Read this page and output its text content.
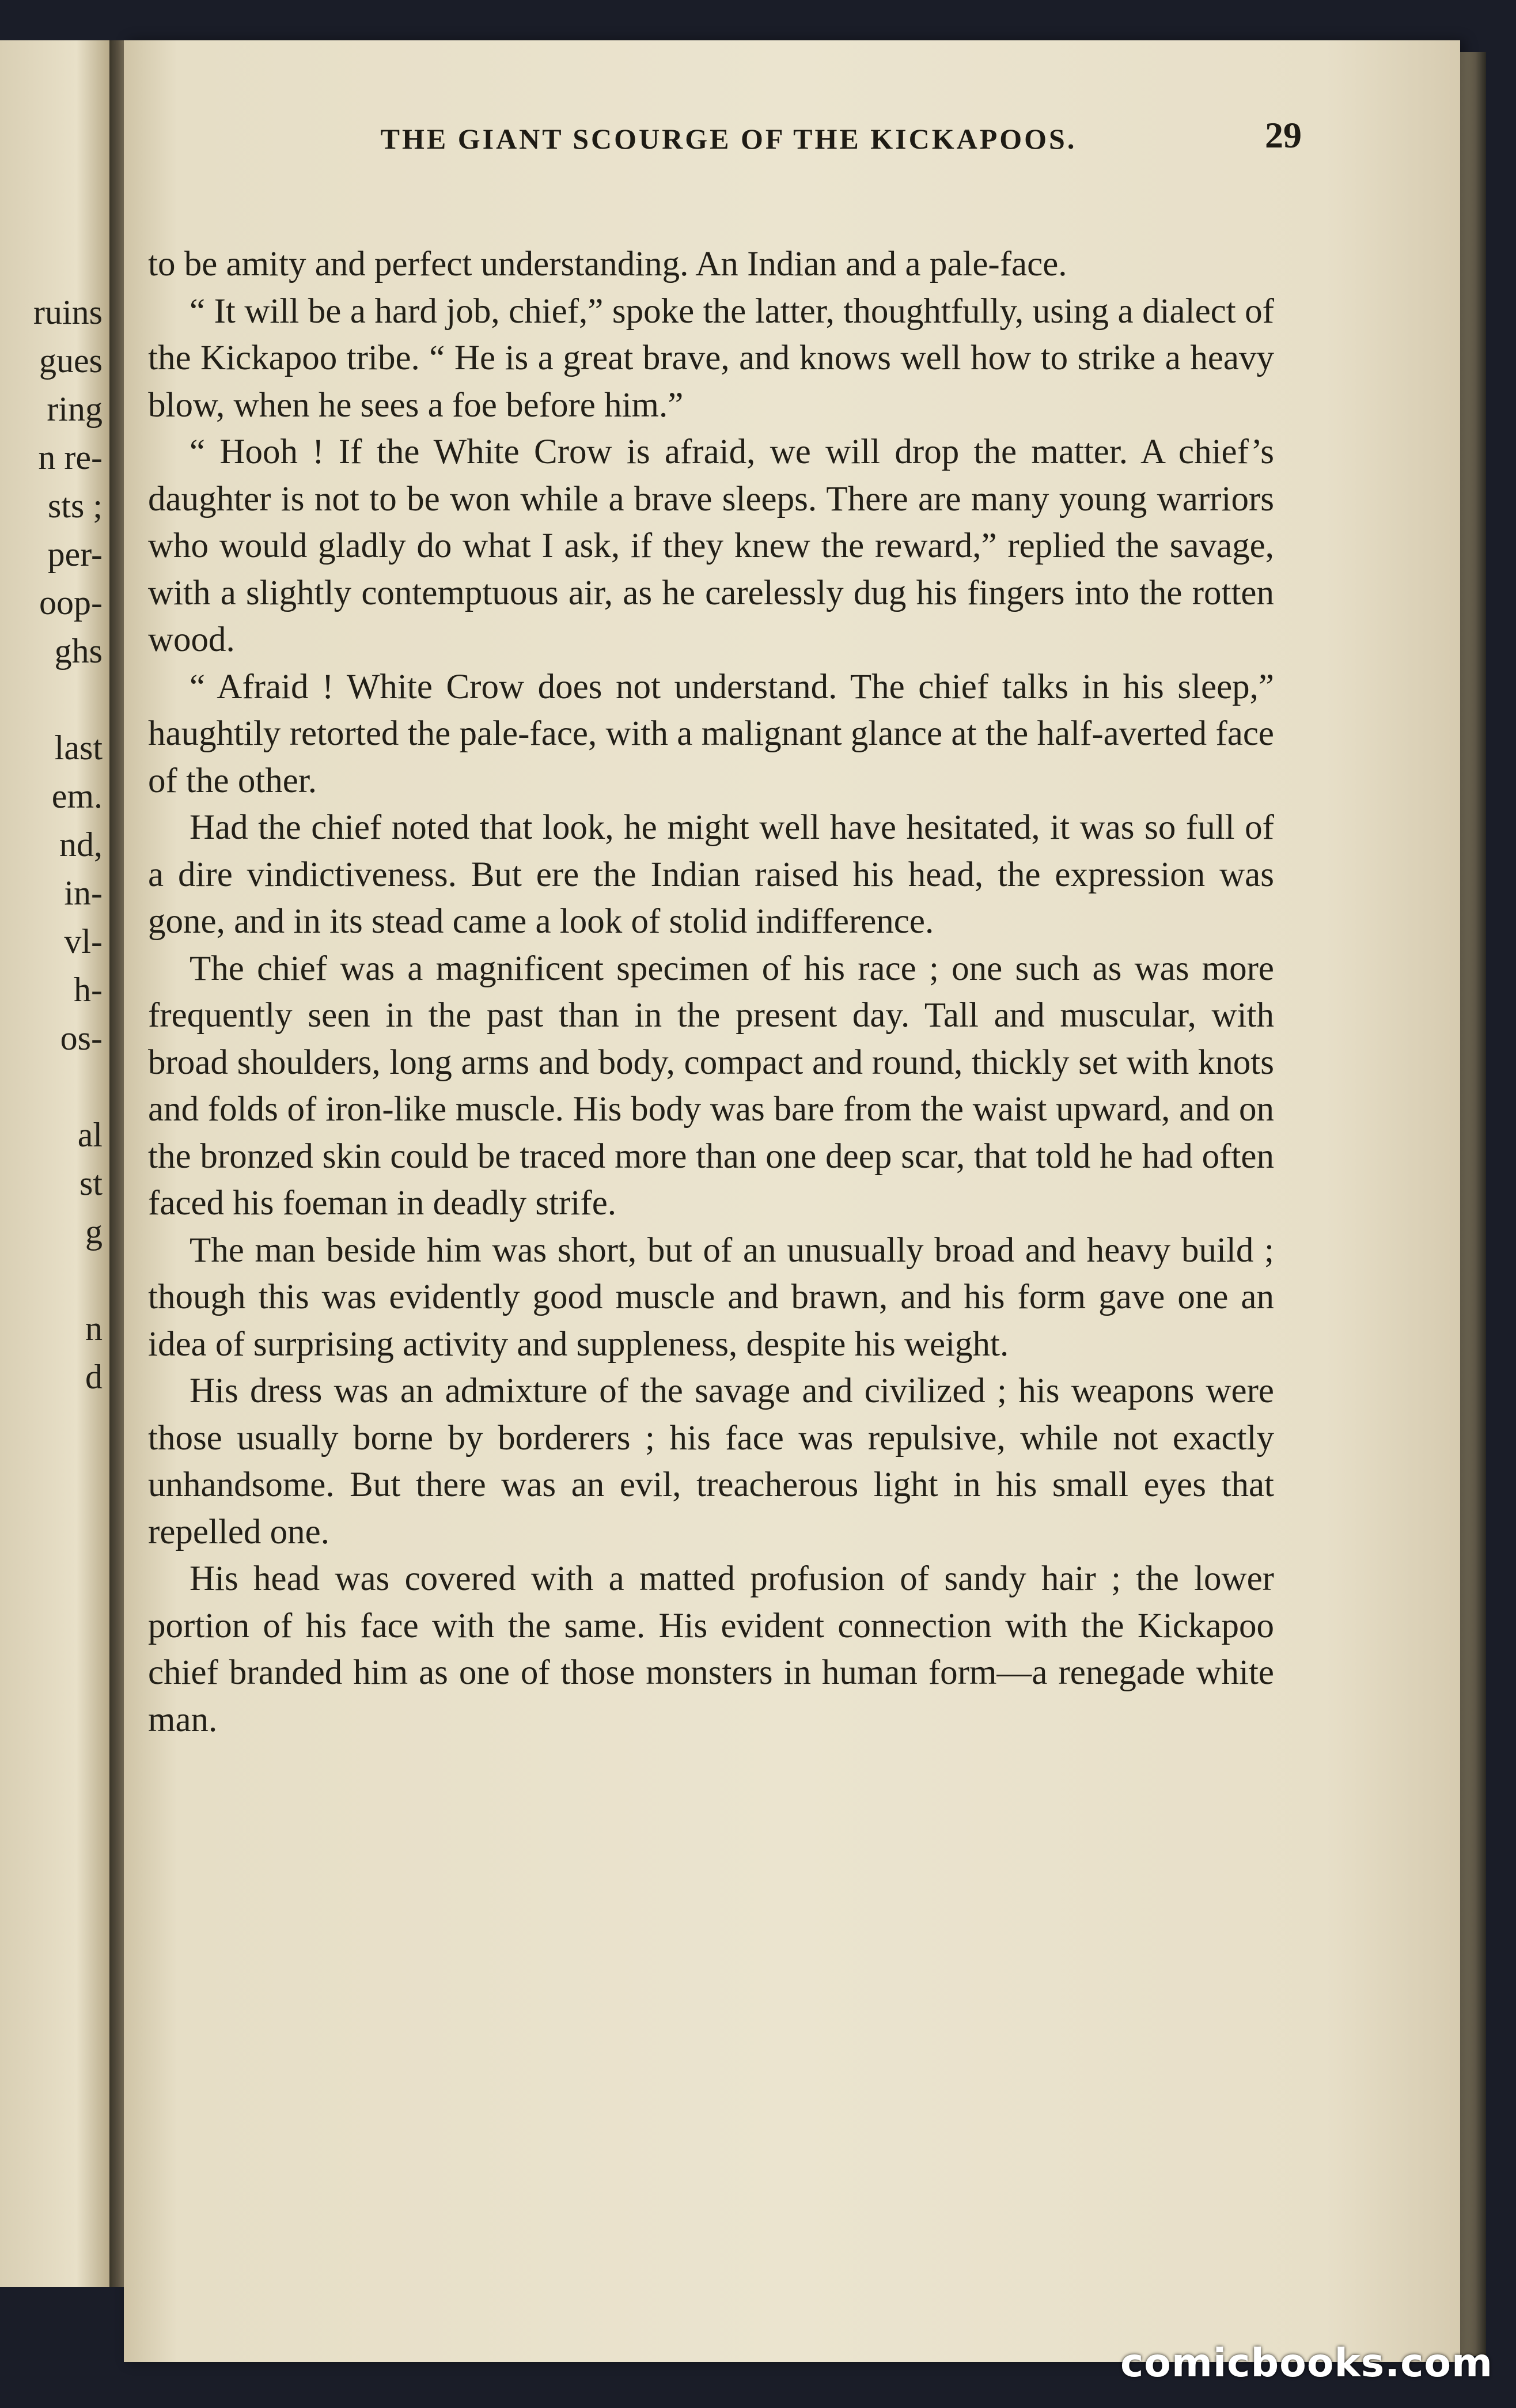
ruins
gues
ring
n re-
sts ;
per-
oop-
ghs
last
em.
nd,
in-
vl-
h-
os-
al
st
g
n
d
THE GIANT SCOURGE OF THE KICKAPOOS.	29

to be amity and perfect understanding. An Indian and a pale-face.

“ It will be a hard job, chief,” spoke the latter, thoughtfully, using a dialect of the Kickapoo tribe. “ He is a great brave, and knows well how to strike a heavy blow, when he sees a foe before him.”

“ Hooh ! If the White Crow is afraid, we will drop the matter. A chief’s daughter is not to be won while a brave sleeps. There are many young warriors who would gladly do what I ask, if they knew the reward,” replied the savage, with a slightly contemptuous air, as he carelessly dug his fingers into the rotten wood.

“ Afraid ! White Crow does not understand. The chief talks in his sleep,” haughtily retorted the pale-face, with a malignant glance at the half-averted face of the other.

Had the chief noted that look, he might well have hesitated, it was so full of a dire vindictiveness. But ere the Indian raised his head, the expression was gone, and in its stead came a look of stolid indifference.

The chief was a magnificent specimen of his race ; one such as was more frequently seen in the past than in the present day. Tall and muscular, with broad shoulders, long arms and body, compact and round, thickly set with knots and folds of iron-like muscle. His body was bare from the waist upward, and on the bronzed skin could be traced more than one deep scar, that told he had often faced his foeman in deadly strife.

The man beside him was short, but of an unusually broad and heavy build ; though this was evidently good muscle and brawn, and his form gave one an idea of surprising activity and suppleness, despite his weight.

His dress was an admixture of the savage and civilized ; his weapons were those usually borne by borderers ; his face was repulsive, while not exactly unhandsome. But there was an evil, treacherous light in his small eyes that repelled one.

His head was covered with a matted profusion of sandy hair ; the lower portion of his face with the same. His evident connection with the Kickapoo chief branded him as one of those monsters in human form—a renegade white man.

comicbooks.com
